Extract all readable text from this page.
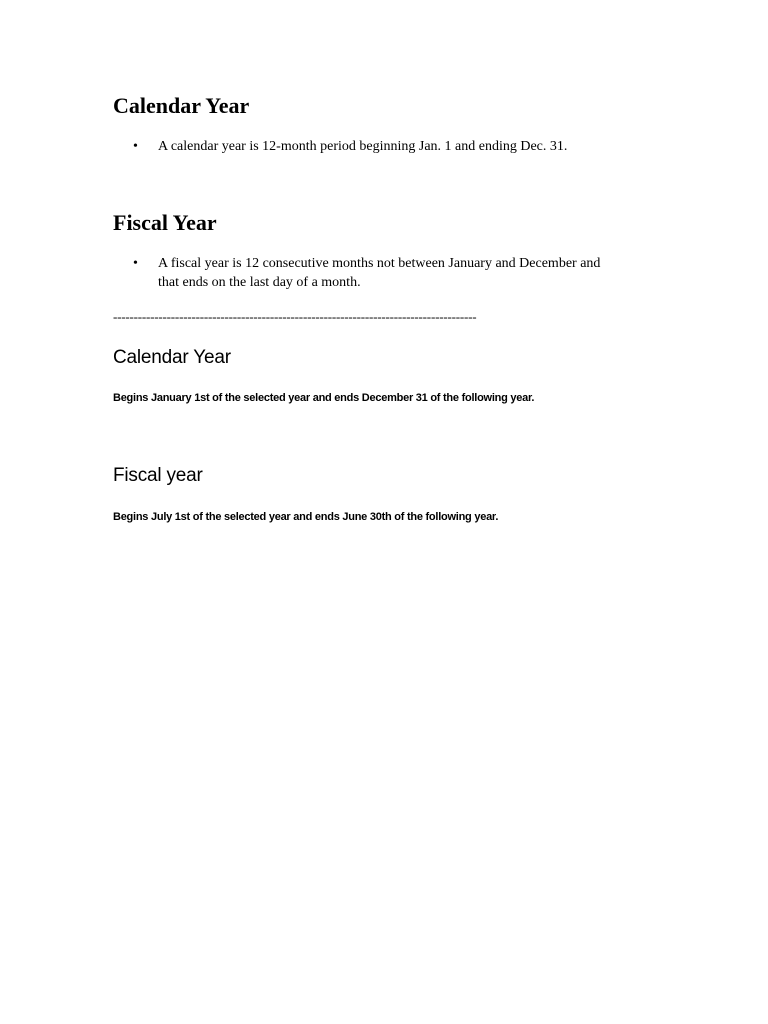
Calendar Year
• A calendar year is 12-month period beginning Jan. 1 and ending Dec. 31.
Fiscal Year
• A fiscal year is 12 consecutive months not between January and December and
that ends on the last day of a month.
----------------------------------------------------------------------------------------
Calendar Year

Begins January 1st of the selected year and ends December 31 of the following year.

Fiscal year

Begins July 1st of the selected year and ends June 30th of the following year.
